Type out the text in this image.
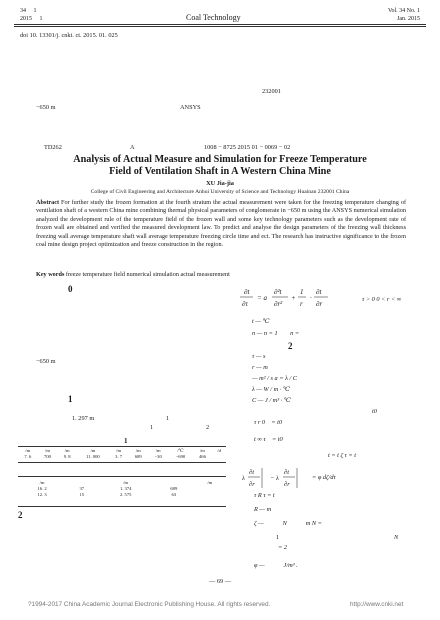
34　 1
2015　 1	Coal Technology
Vol. 34 No. 1
Jan. 2015
doi 10. 13301/j. cnki. ct. 2015. 01. 025
232001
−650 m	ANSYS
TD262	A	1008 − 8725 2015 01 − 0069 − 02
Analysis of Actual Measure and Simulation for Freeze Temperature
Field of Ventilation Shaft in A Western China Mine
XU Jia-jia
College of Civil Engineering and Architecture Anhui University of Science and Technology Huainan 232001 China
Abstract For further study the frozen formation at the fourth stratum the actual measurement were taken for the freezing temperature changing of ventilation shaft of a western China mine combining thermal physical parameters of conglomerate in −650 m using the ANSYS numerical simulation analyzed the development rule of the temperature field of the frozen wall and some key technology parameters such as the development rate of frozen wall are obtained and verified the measured development law. To predict and analyse the design parameters of the freezing wall thickness freezing wall average temperature shaft wall average temperature freezing circle time and ect. The research has instructive significance to the frozen coal mine design project optimization and freeze construction in the region.
Key words freeze temperature field numerical simulation actual measurement
0
−650 m
1
1. 297 m	1
1	2
1
/m	/m	/m	/m	/m	/m	/m	/℃	/m	/d
7. 6	700	9. 8	11. 000	3. 7	689	−30	−690	466	
/m		/m		/m
16. 2	37	1. 374	689	
12. 3	15	2. 575	63	
2
∂t
∂τ
= a
∂²t
∂r²
+
1
r
·
∂t
∂r
τ > 0 0 < r < ∞
t — ℃
n — n = 1　　n =
2
τ — s
r — m
— m² / s a = λ / C
λ — W / m · ℃
C — J / m³ · ℃
t0
τ r 0　= t0
t ∞ τ　= t0
t = t ζ τ = t
λ
∂t
∂r
− λ
∂t
∂r
= φ dζ/dτ
τ R τ = t
R — m
ζ —　　　N　　　m N =
1	N
= 2
φ —　　　J/m³ .
— 69 —
?1994-2017 China Academic Journal Electronic Publishing House. All rights reserved.	http://www.cnki.net
